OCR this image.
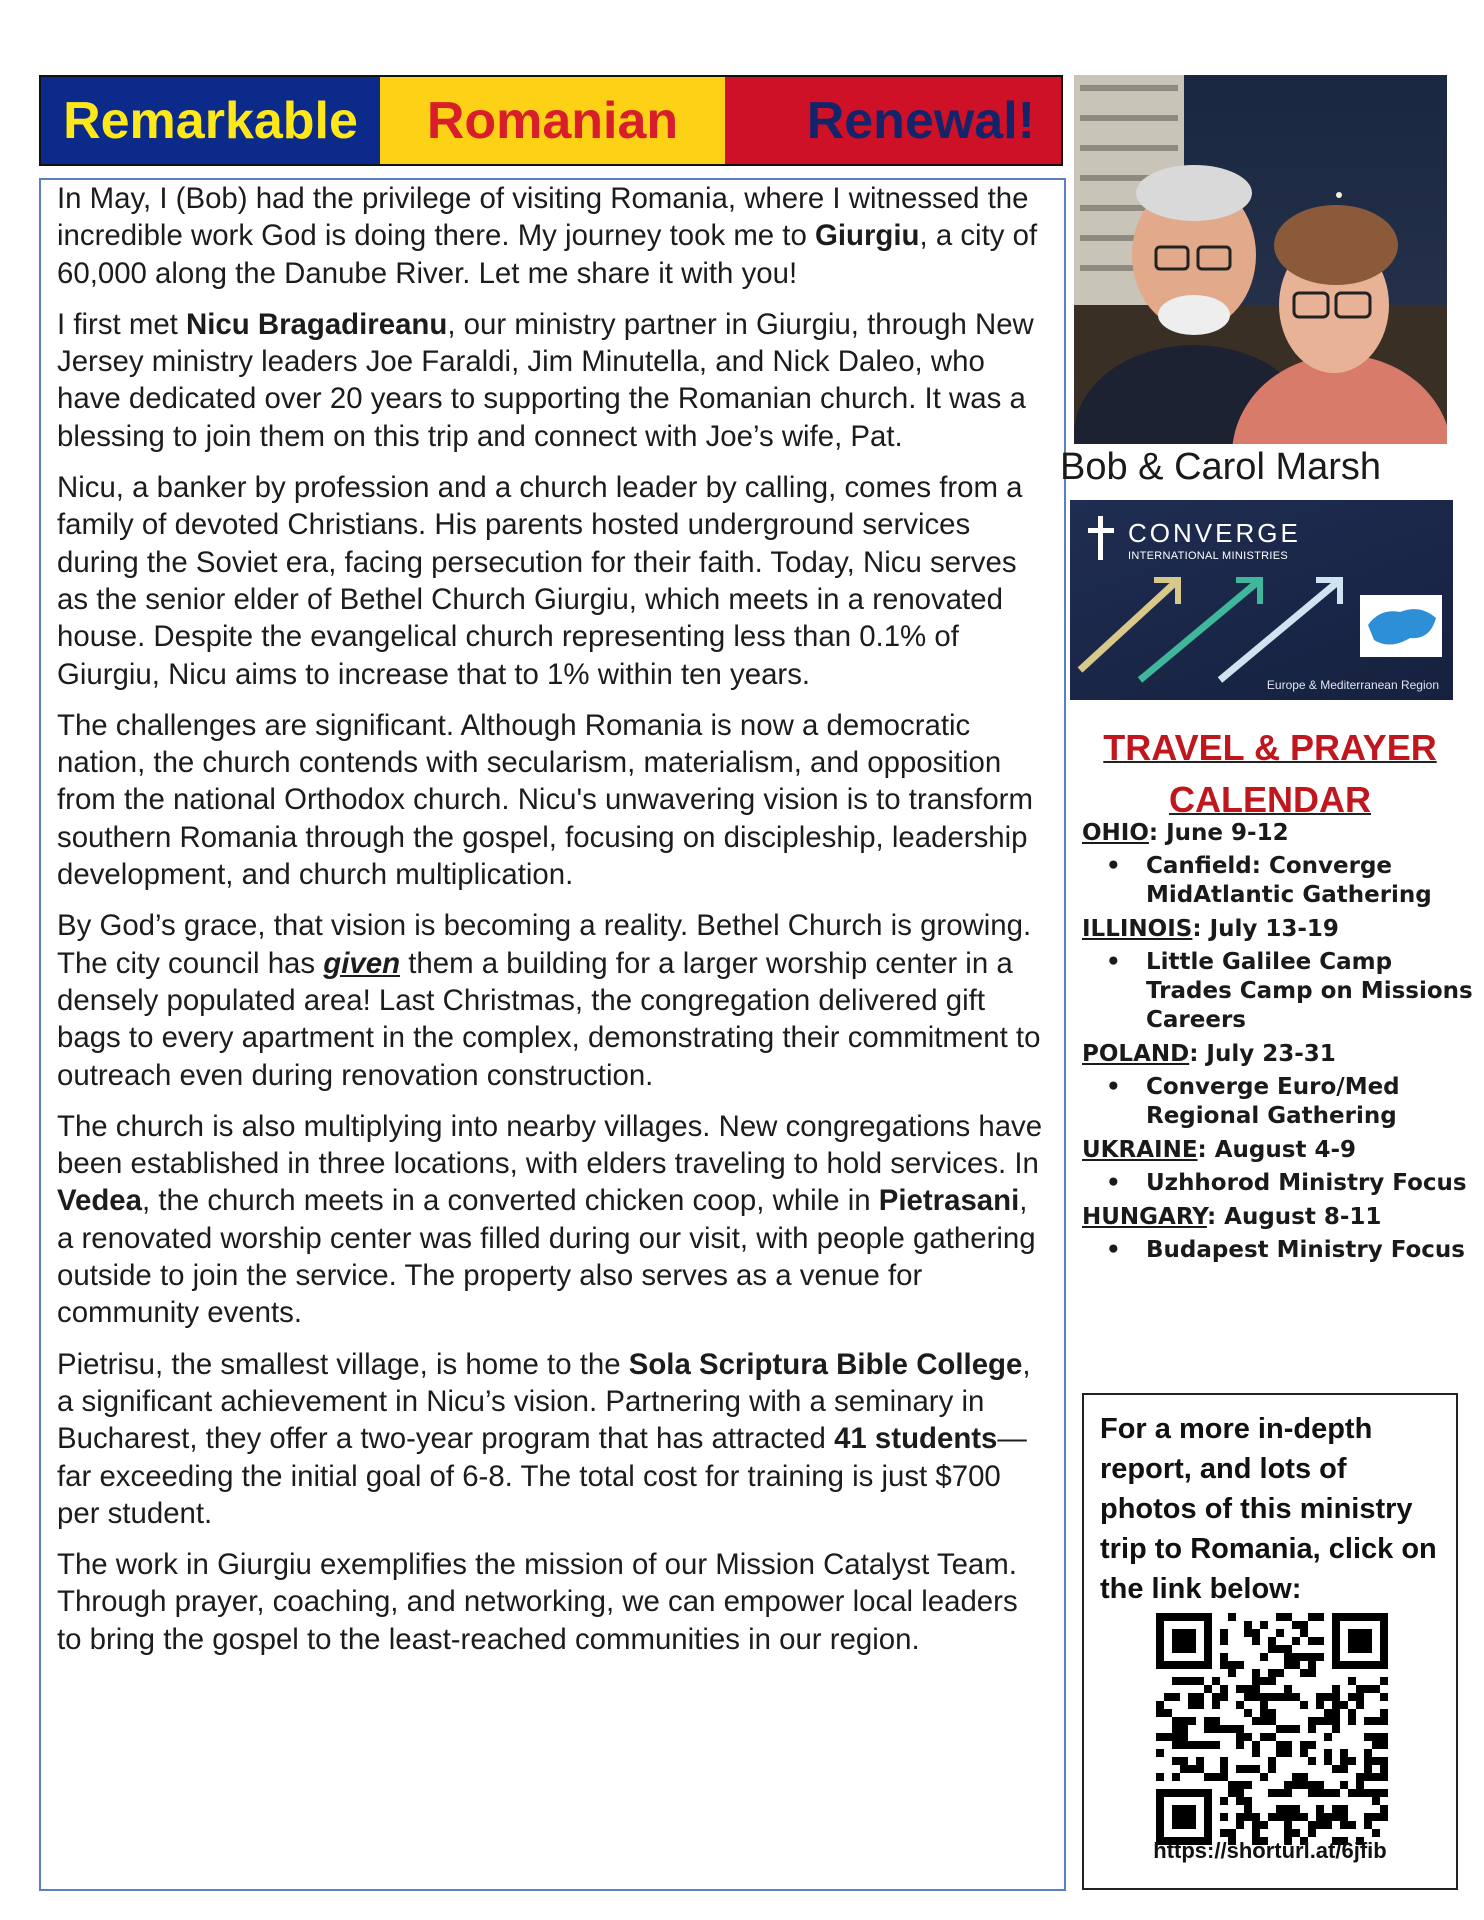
Remarkable	Romanian	Renewal!

In May, I (Bob) had the privilege of visiting Romania, where I witnessed the incredible work God is doing there. My journey took me to Giurgiu, a city of 60,000 along the Danube River. Let me share it with you!

I first met Nicu Bragadireanu, our ministry partner in Giurgiu, through New Jersey ministry leaders Joe Faraldi, Jim Minutella, and Nick Daleo, who have dedicated over 20 years to supporting the Romanian church. It was a blessing to join them on this trip and connect with Joe’s wife, Pat.

Nicu, a banker by profession and a church leader by calling, comes from a family of devoted Christians. His parents hosted underground services during the Soviet era, facing persecution for their faith. Today, Nicu serves as the senior elder of Bethel Church Giurgiu, which meets in a renovated house. Despite the evangelical church representing less than 0.1% of Giurgiu, Nicu aims to increase that to 1% within ten years.

The challenges are significant. Although Romania is now a democratic nation, the church contends with secularism, materialism, and opposition from the national Orthodox church. Nicu's unwavering vision is to transform southern Romania through the gospel, focusing on discipleship, leadership development, and church multiplication.

By God’s grace, that vision is becoming a reality. Bethel Church is growing. The city council has given them a building for a larger worship center in a densely populated area! Last Christmas, the congregation delivered gift bags to every apartment in the complex, demonstrating their commitment to outreach even during renovation construction.

The church is also multiplying into nearby villages. New congregations have been established in three locations, with elders traveling to hold services. In Vedea, the church meets in a converted chicken coop, while in Pietrasani, a renovated worship center was filled during our visit, with people gathering outside to join the service. The property also serves as a venue for community events.

Pietrisu, the smallest village, is home to the Sola Scriptura Bible College, a significant achievement in Nicu’s vision. Partnering with a seminary in Bucharest, they offer a two-year program that has attracted 41 students—far exceeding the initial goal of 6-8. The total cost for training is just $700 per student.

The work in Giurgiu exemplifies the mission of our Mission Catalyst Team. Through prayer, coaching, and networking, we can empower local leaders to bring the gospel to the least-reached communities in our region.

Bob & Carol Marsh
CONVERGE
INTERNATIONAL MINISTRIES
Europe & Mediterranean Region
TRAVEL & PRAYER
CALENDAR

OHIO: June 9-12

• Canfield: Converge MidAtlantic Gathering

ILLINOIS: July 13-19

• Little Galilee Camp Trades Camp on Missions Careers

POLAND: July 23-31

• Converge Euro/Med Regional Gathering

UKRAINE: August 4-9

• Uzhhorod Ministry Focus

HUNGARY: August 8-11

• Budapest Ministry Focus

For a more in-depth report, and lots of photos of this ministry trip to Romania, click on the link below:

https://shorturl.at/6jfib
